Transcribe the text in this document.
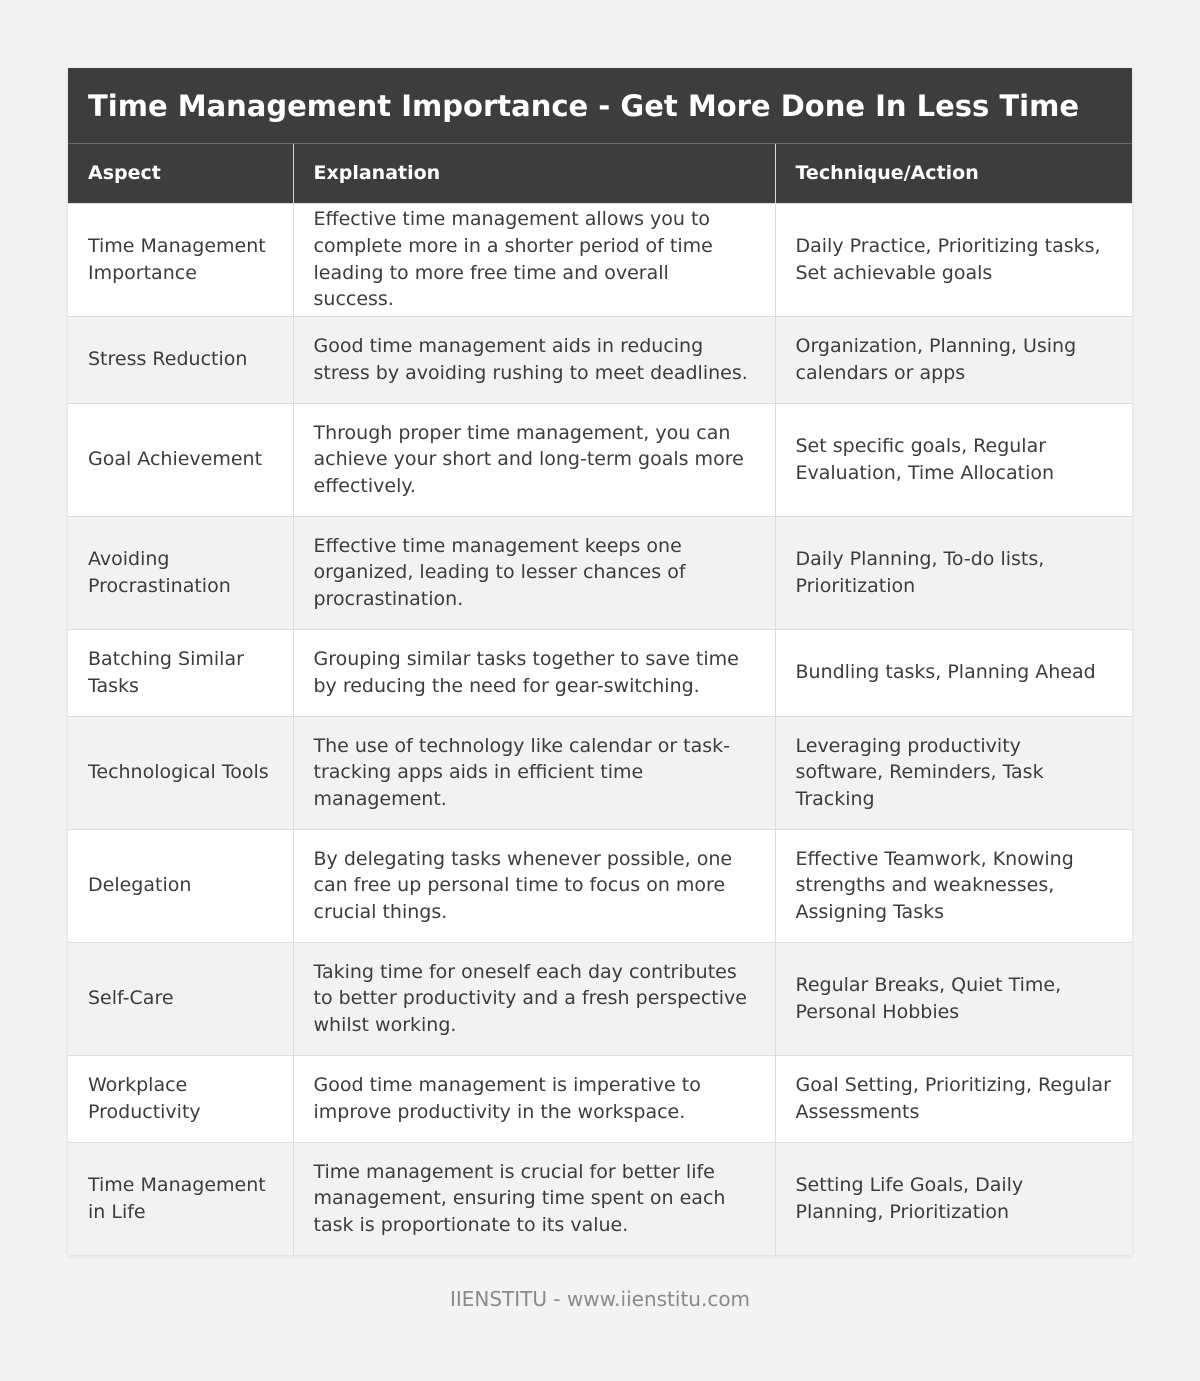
Time Management Importance - Get More Done In Less Time
Aspect	Explanation	Technique/Action
Time Management Importance	Effective time management allows you to complete more in a shorter period of time leading to more free time and overall success.	Daily Practice, Prioritizing tasks, Set achievable goals
Stress Reduction	Good time management aids in reducing stress by avoiding rushing to meet deadlines.	Organization, Planning, Using calendars or apps
Goal Achievement	Through proper time management, you can achieve your short and long-term goals more effectively.	Set specific goals, Regular Evaluation, Time Allocation
Avoiding Procrastination	Effective time management keeps one organized, leading to lesser chances of procrastination.	Daily Planning, To-do lists, Prioritization
Batching Similar Tasks	Grouping similar tasks together to save time by reducing the need for gear-switching.	Bundling tasks, Planning Ahead
Technological Tools	The use of technology like calendar or task-tracking apps aids in efficient time management.	Leveraging productivity software, Reminders, Task Tracking
Delegation	By delegating tasks whenever possible, one can free up personal time to focus on more crucial things.	Effective Teamwork, Knowing strengths and weaknesses, Assigning Tasks
Self-Care	Taking time for oneself each day contributes to better productivity and a fresh perspective whilst working.	Regular Breaks, Quiet Time, Personal Hobbies
Workplace Productivity	Good time management is imperative to improve productivity in the workspace.	Goal Setting, Prioritizing, Regular Assessments
Time Management in Life	Time management is crucial for better life management, ensuring time spent on each task is proportionate to its value.	Setting Life Goals, Daily Planning, Prioritization
IIENSTITU - www.iienstitu.com
